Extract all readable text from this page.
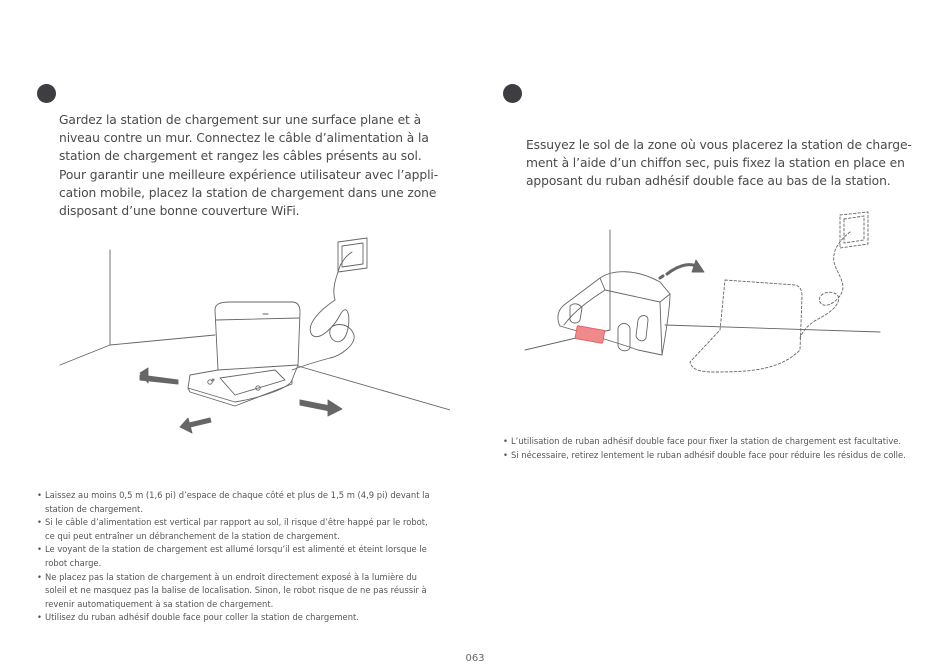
Gardez la station de chargement sur une surface plane et à
niveau contre un mur. Connectez le câble d’alimentation à la
station de chargement et rangez les câbles présents au sol.
Pour garantir une meilleure expérience utilisateur avec l’appli-
cation mobile, placez la station de chargement dans une zone
disposant d’une bonne couverture WiFi.

• Laissez au moins 0,5 m (1,6 pi) d’espace de chaque côté et plus de 1,5 m (4,9 pi) devant la
station de chargement.
• Si le câble d’alimentation est vertical par rapport au sol, il risque d’être happé par le robot,
ce qui peut entraîner un débranchement de la station de chargement.
• Le voyant de la station de chargement est allumé lorsqu’il est alimenté et éteint lorsque le
robot charge.
• Ne placez pas la station de chargement à un endroit directement exposé à la lumière du
soleil et ne masquez pas la balise de localisation. Sinon, le robot risque de ne pas réussir à
revenir automatiquement à sa station de chargement.
• Utilisez du ruban adhésif double face pour coller la station de chargement.

Essuyez le sol de la zone où vous placerez la station de charge-
ment à l’aide d’un chiffon sec, puis fixez la station en place en
apposant du ruban adhésif double face au bas de la station.

• L’utilisation de ruban adhésif double face pour fixer la station de chargement est facultative.
• Si nécessaire, retirez lentement le ruban adhésif double face pour réduire les résidus de colle.
063
